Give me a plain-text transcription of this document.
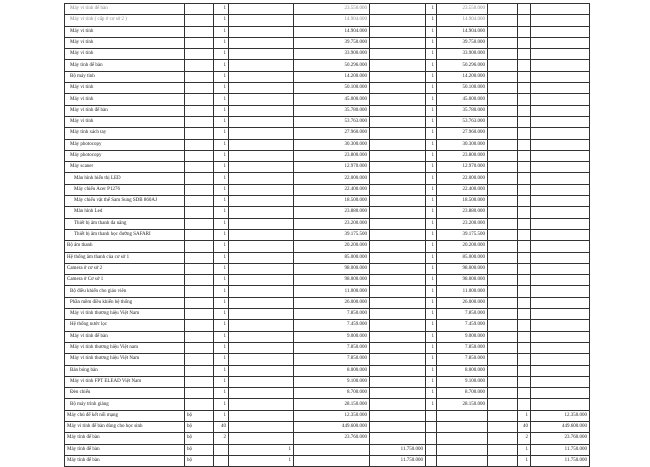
Máy vi tính để bàn		1		23.550.000		1	23.550.000			
Máy vi tính ( cấp ở cơ sở 2 )		1		14.904.000		1	14.904.000			
Máy vi tính		1		14.904.000		1	14.904.000			
Máy vi tính		1		39.750.000		1	39.750.000			
Máy vi tính		1		33.900.000		1	33.900.000			
Máy tính để bàn		1		50.296.000		1	50.296.000			
Bộ máy tính		1		14.200.000		1	14.200.000			
Máy vi tính		1		50.100.000		1	50.100.000			
Máy vi tính		1		45.000.000		1	45.000.000			
Máy vi tính để bàn		1		35.780.000		1	35.780.000			
Máy vi tính		1		53.763.000		1	53.763.000			
Máy tính xách tay		1		27.960.000		1	27.960.000			
Máy photocopy		1		30.300.000		1	30.300.000			
Máy photocopy		1		23.800.000		1	23.800.000			
Máy scaner		1		12.970.000		1	12.970.000			
Màn hình hiển thị LED		1		22.000.000		1	22.000.000			
Máy chiếu Acer P1276		1		22.400.000		1	22.400.000			
Máy chiếu vật thể Sam Sung SDB 860AJ		1		18.500.000		1	18.500.000			
Màn hình Led		1		23.880.000		1	23.880.000			
Thiết bị âm thanh đa năng		1		23.200.000		1	23.200.000			
Thiết bị âm thanh học đường SAFARI		1		39.175.500		1	39.175.500			
Bộ âm thanh		1		20.200.000		1	20.200.000			
Hệ thống âm thanh của cơ sở 1		1		85.000.000		1	85.000.000			
Camera ở cơ sở 2		1		98.000.000		1	98.000.000			
Camera ở Cơ sở 1		1		98.000.000		1	98.000.000			
Bộ điều khiển cho giáo viên		1		11.000.000		1	11.000.000			
Phần mềm điều khiển hệ thống		1		26.000.000		1	26.000.000			
Máy vi tính thương hiệu Việt Nam		1		7.850.000		1	7.850.000			
Hệ thống nước lọc		1		7.459.000		1	7.459.000			
Máy vi tính để bàn		1		9.000.000		1	9.000.000			
Máy vi tính thương hiệu Việt nam		1		7.850.000		1	7.850.000			
Máy vi tính thương hiệu Việt Nam		1		7.850.000		1	7.850.000			
Bàn bóng bàn		1		8.000.000		1	8.000.000			
Máy vi tính FPT ELEAD Việt Nam		1		9.100.000		1	9.100.000			
Đèn chiếu		1		8.700.000		1	8.700.000			
Bộ máy trình giảng		1		28.150.000		1	28.150.000			
Máy chủ để kết nối mạng	bộ	1		12.350.000					1	12.350.000
Máy vi tính để bàn dùng cho học sinh	bộ	40		449.600.000					40	449.600.000
Máy tính để bàn	bộ	2		23.760.000					2	23.760.000
Máy tính để bàn	bộ		1		11.750.000				1	11.750.000
Máy tính để bàn	bộ		1		11.750.000				1	11.750.000
